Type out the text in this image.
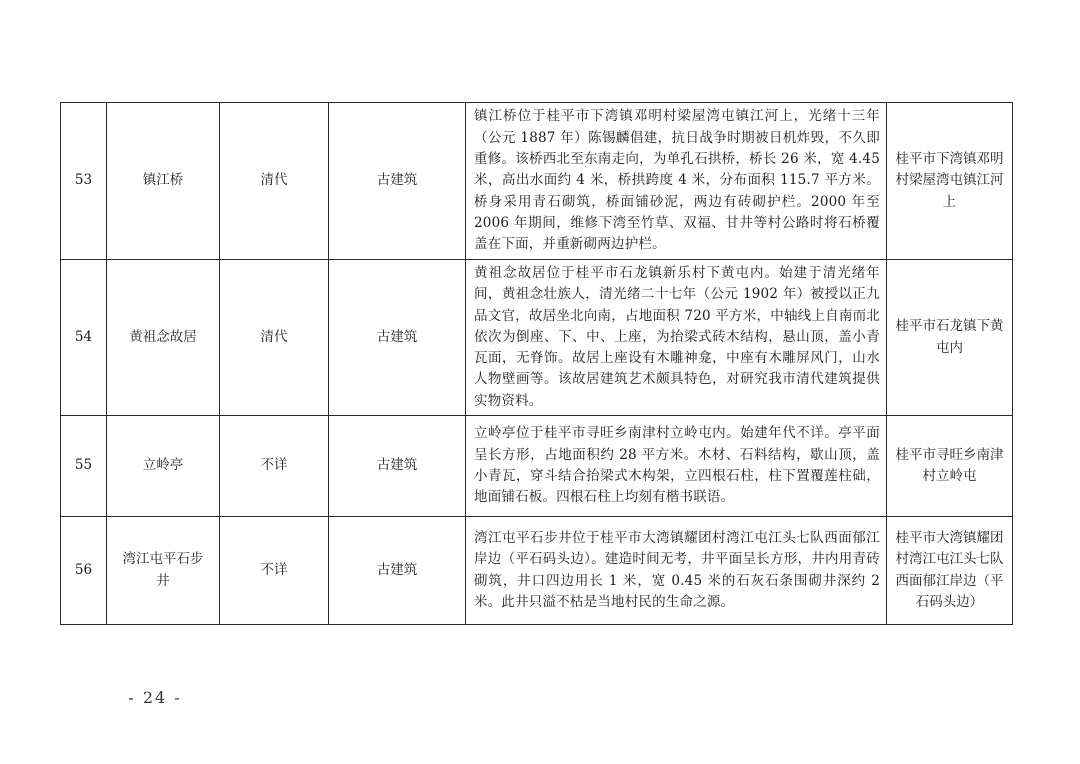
53	镇江桥	清代	古建筑	镇江桥位于桂平市下湾镇邓明村梁屋湾屯镇江河上，光绪十三年（公元 1887 年）陈锡麟倡建，抗日战争时期被日机炸毁，不久即重修。该桥西北至东南走向，为单孔石拱桥，桥长 26 米，宽 4.45 米，高出水面约 4 米，桥拱跨度 4 米，分布面积 115.7 平方米。桥身采用青石砌筑，桥面铺砂泥，两边有砖砌护栏。2000 年至 2006 年期间，维修下湾至竹草、双福、甘井等村公路时将石桥覆盖在下面，并重新砌两边护栏。	桂平市下湾镇邓明村梁屋湾屯镇江河上
54	黄祖念故居	清代	古建筑	黄祖念故居位于桂平市石龙镇新乐村下黄屯内。始建于清光绪年间，黄祖念壮族人，清光绪二十七年（公元 1902 年）被授以正九品文官，故居坐北向南，占地面积 720 平方米，中轴线上自南而北依次为倒座、下、中、上座，为抬梁式砖木结构，悬山顶，盖小青瓦面，无脊饰。故居上座设有木雕神龛，中座有木雕屏风门，山水人物壁画等。该故居建筑艺术颇具特色，对研究我市清代建筑提供实物资料。	桂平市石龙镇下黄屯内
55	立岭亭	不详	古建筑	立岭亭位于桂平市寻旺乡南津村立岭屯内。始建年代不详。亭平面呈长方形，占地面积约 28 平方米。木材、石料结构，歇山顶，盖小青瓦，穿斗结合抬梁式木构架，立四根石柱，柱下置覆莲柱础，地面铺石板。四根石柱上均刻有楷书联语。	桂平市寻旺乡南津村立岭屯
56	湾江屯平石步井	不详	古建筑	湾江屯平石步井位于桂平市大湾镇耀团村湾江屯江头七队西面郁江岸边（平石码头边）。建造时间无考，井平面呈长方形，井内用青砖砌筑，井口四边用长 1 米，宽 0.45 米的石灰石条围砌井深约 2 米。此井只溢不枯是当地村民的生命之源。	桂平市大湾镇耀团村湾江屯江头七队西面郁江岸边（平石码头边）
- 24 -
